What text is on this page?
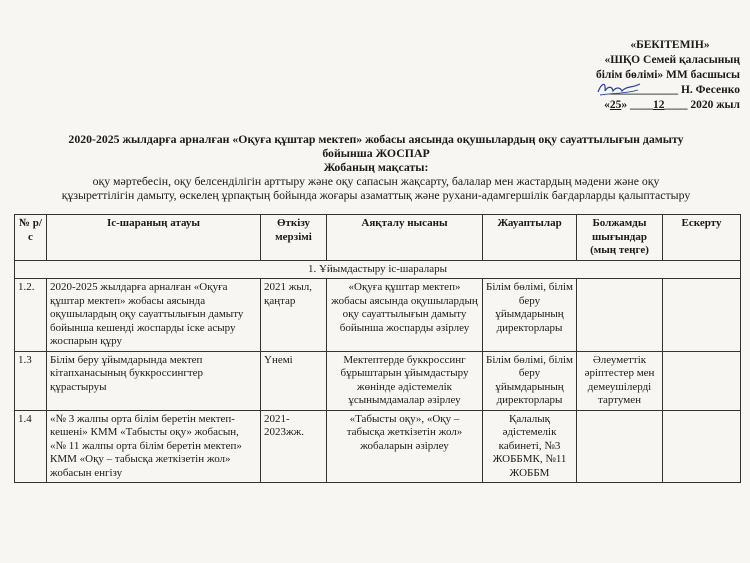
«БЕКІТЕМІН»
«ШҚО Семей қаласының
білім бөлімі» ММ басшысы
____________ Н. Фесенко
«25» ____12____ 2020 жыл
2020-2025 жылдарға арналған «Оқуға құштар мектеп» жобасы аясында оқушылардың оқу сауаттылығын дамыту
бойынша ЖОСПАР
Жобаның мақсаты:
оқу мәртебесін, оқу белсенділігін арттыру және оқу сапасын жақсарту, балалар мен жастардың мәдени және оқу
құзыреттілігін дамыту, өскелең ұрпақтың бойында жоғары азаматтық және рухани-адамгершілік бағдарларды қалыптастыру
№ р/с	Іс-шараның атауы	Өткізу мерзімі	Аяқталу нысаны	Жауаптылар	Болжамды шығындар (мың теңге)	Ескерту
1. Ұйымдастыру іс-шаралары						
1.2.	2020-2025 жылдарға арналған «Оқуға құштар мектеп» жобасы аясында оқушылардың оқу сауаттылығын дамыту бойынша кешенді жоспарды іске асыру жоспарын құру	2021 жыл, қаңтар	«Оқуға құштар мектеп» жобасы аясында оқушылардың оқу сауаттылығын дамыту бойынша жоспарды әзірлеу	Білім бөлімі, білім беру ұйымдарының директорлары		
1.3	Білім беру ұйымдарында мектеп кітапханасының буккроссингтер құрастыруы	Үнемі	Мектептерде буккроссинг бұрыштарын ұйымдастыру жөнінде әдістемелік ұсынымдамалар әзірлеу	Білім бөлімі, білім беру ұйымдарының директорлары	Әлеуметтік әріптестер мен демеушілерді тартумен	
1.4	«№ 3 жалпы орта білім беретін мектеп-кешені» КММ «Табысты оқу» жобасын, «№ 11 жалпы орта білім беретін мектеп» КММ «Оқу – табысқа жеткізетін жол» жобасын енгізу	2021-2023жж.	«Табысты оқу», «Оқу – табысқа жеткізетін жол» жобаларын әзірлеу	Қалалық әдістемелік кабинеті, №3 ЖОББМК, №11 ЖОББМ		
